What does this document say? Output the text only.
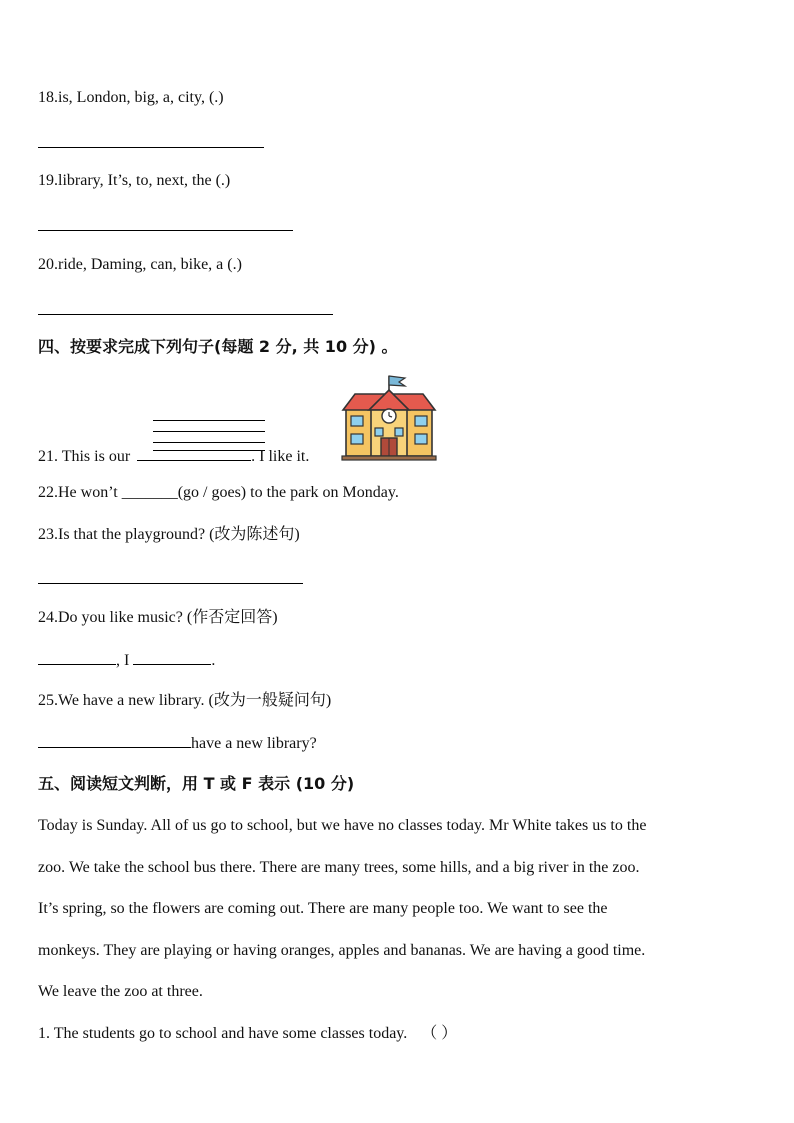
18.is, London, big, a, city, (.)
19.library, It’s, to, next, the (.)
20.ride, Daming, can, bike, a (.)
四、按要求完成下列句子(每题 2 分, 共 10 分) 。
21. This is our	. I like it.
22.He won’t _______(go / goes) to the park on Monday.
23.Is that the playground? (改为陈述句)
24.Do you like music? (作否定回答)
, I	.
25.We have a new library. (改为一般疑问句)
have a new library?
五、阅读短文判断，用 T 或 F 表示 (10 分)
Today is Sunday. All of us go to school, but we have no classes today. Mr White takes us to the
zoo. We take the school bus there. There are many trees, some hills, and a big river in the zoo.
It’s spring, so the flowers are coming out. There are many people too. We want to see the
monkeys. They are playing or having oranges, apples and bananas. We are having a good time.
We leave the zoo at three.
1. The students go to school and have some classes today. （ ）
